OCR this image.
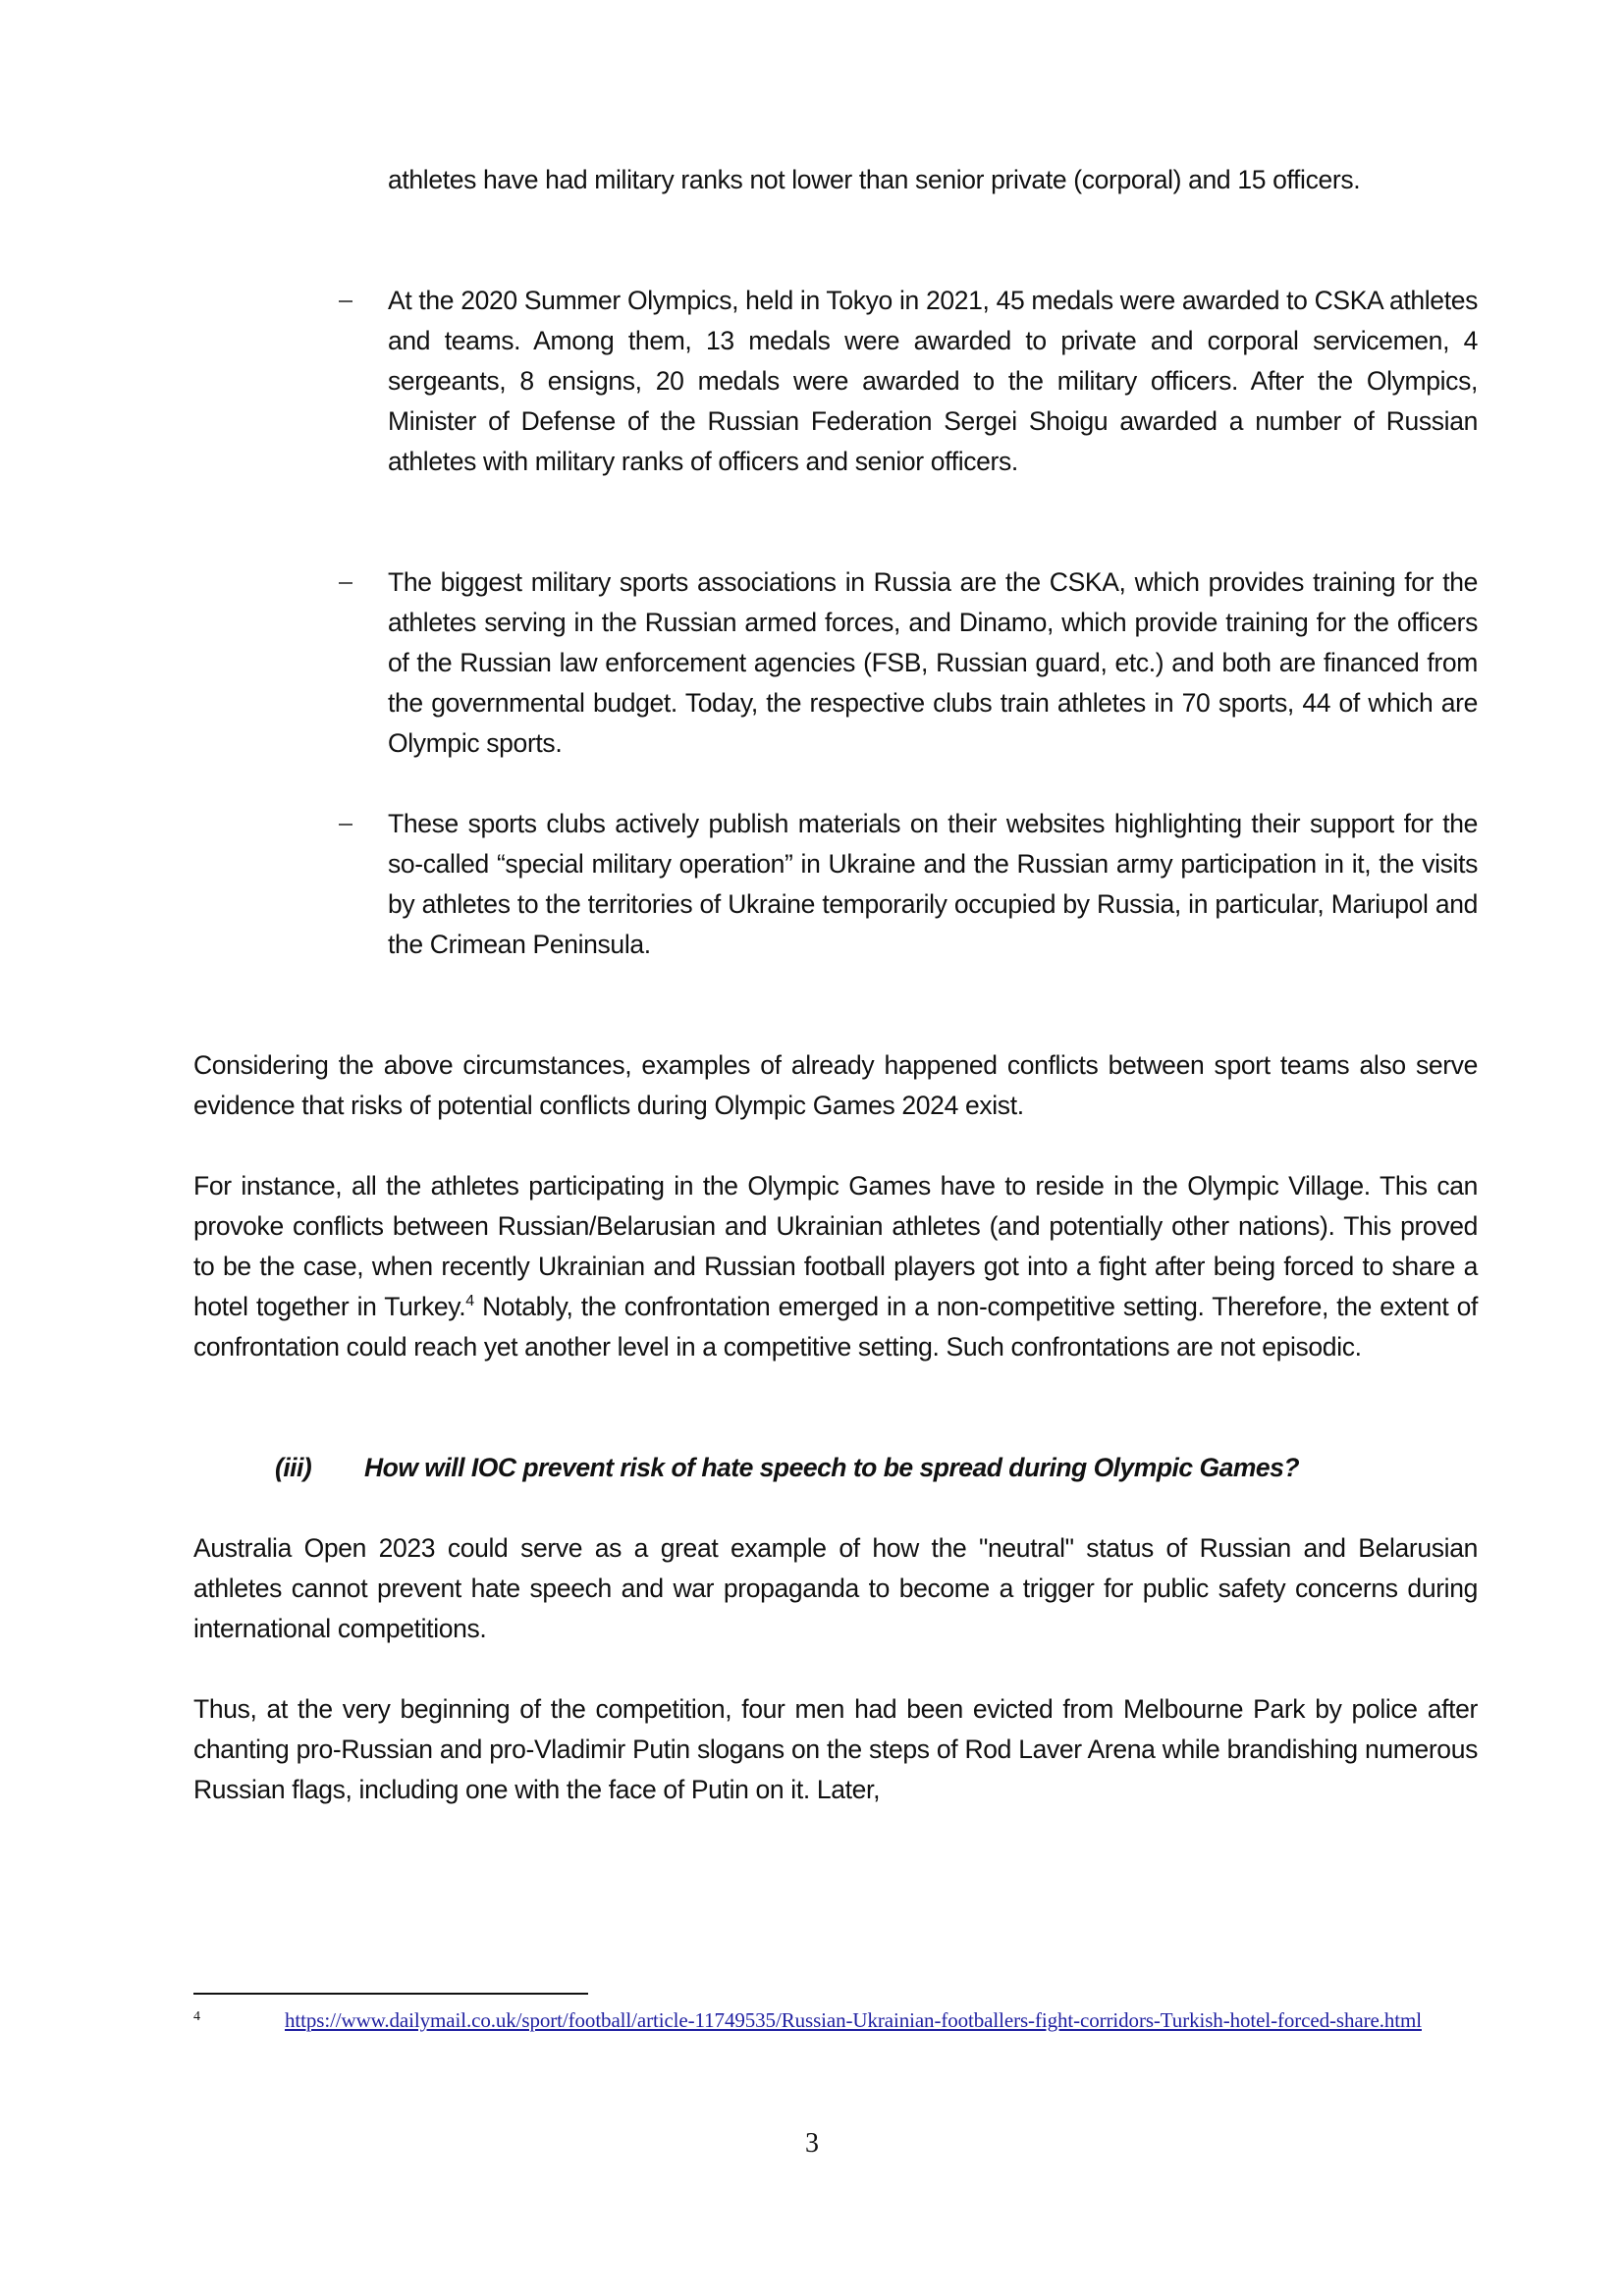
athletes have had military ranks not lower than senior private (corporal) and 15 officers.

At the 2020 Summer Olympics, held in Tokyo in 2021, 45 medals were awarded to CSKA athletes and teams. Among them, 13 medals were awarded to private and corporal servicemen, 4 sergeants, 8 ensigns, 20 medals were awarded to the military officers. After the Olympics, Minister of Defense of the Russian Federation Sergei Shoigu awarded a number of Russian athletes with military ranks of officers and senior officers.

The biggest military sports associations in Russia are the CSKA, which provides training for the athletes serving in the Russian armed forces, and Dinamo, which provide training for the officers of the Russian law enforcement agencies (FSB, Russian guard, etc.) and both are financed from the governmental budget. Today, the respective clubs train athletes in 70 sports, 44 of which are Olympic sports.

These sports clubs actively publish materials on their websites highlighting their support for the so-called “special military operation” in Ukraine and the Russian army participation in it, the visits by athletes to the territories of Ukraine temporarily occupied by Russia, in particular, Mariupol and the Crimean Peninsula.

Considering the above circumstances, examples of already happened conflicts between sport teams also serve evidence that risks of potential conflicts during Olympic Games 2024 exist.

For instance, all the athletes participating in the Olympic Games have to reside in the Olympic Village. This can provoke conflicts between Russian/Belarusian and Ukrainian athletes (and potentially other nations). This proved to be the case, when recently Ukrainian and Russian football players got into a fight after being forced to share a hotel together in Turkey.$^4$ Notably, the confrontation emerged in a non-competitive setting. Therefore, the extent of confrontation could reach yet another level in a competitive setting. Such confrontations are not episodic.

(iii) How will IOC prevent risk of hate speech to be spread during Olympic Games?

Australia Open 2023 could serve as a great example of how the "neutral" status of Russian and Belarusian athletes cannot prevent hate speech and war propaganda to become a trigger for public safety concerns during international competitions.

Thus, at the very beginning of the competition, four men had been evicted from Melbourne Park by police after chanting pro-Russian and pro-Vladimir Putin slogans on the steps of Rod Laver Arena while brandishing numerous Russian flags, including one with the face of Putin on it. Later,

4	https://www.dailymail.co.uk/sport/football/article-11749535/Russian-Ukrainian-footballers-fight-corridors-Turkish-hotel-forced-share.html
3
